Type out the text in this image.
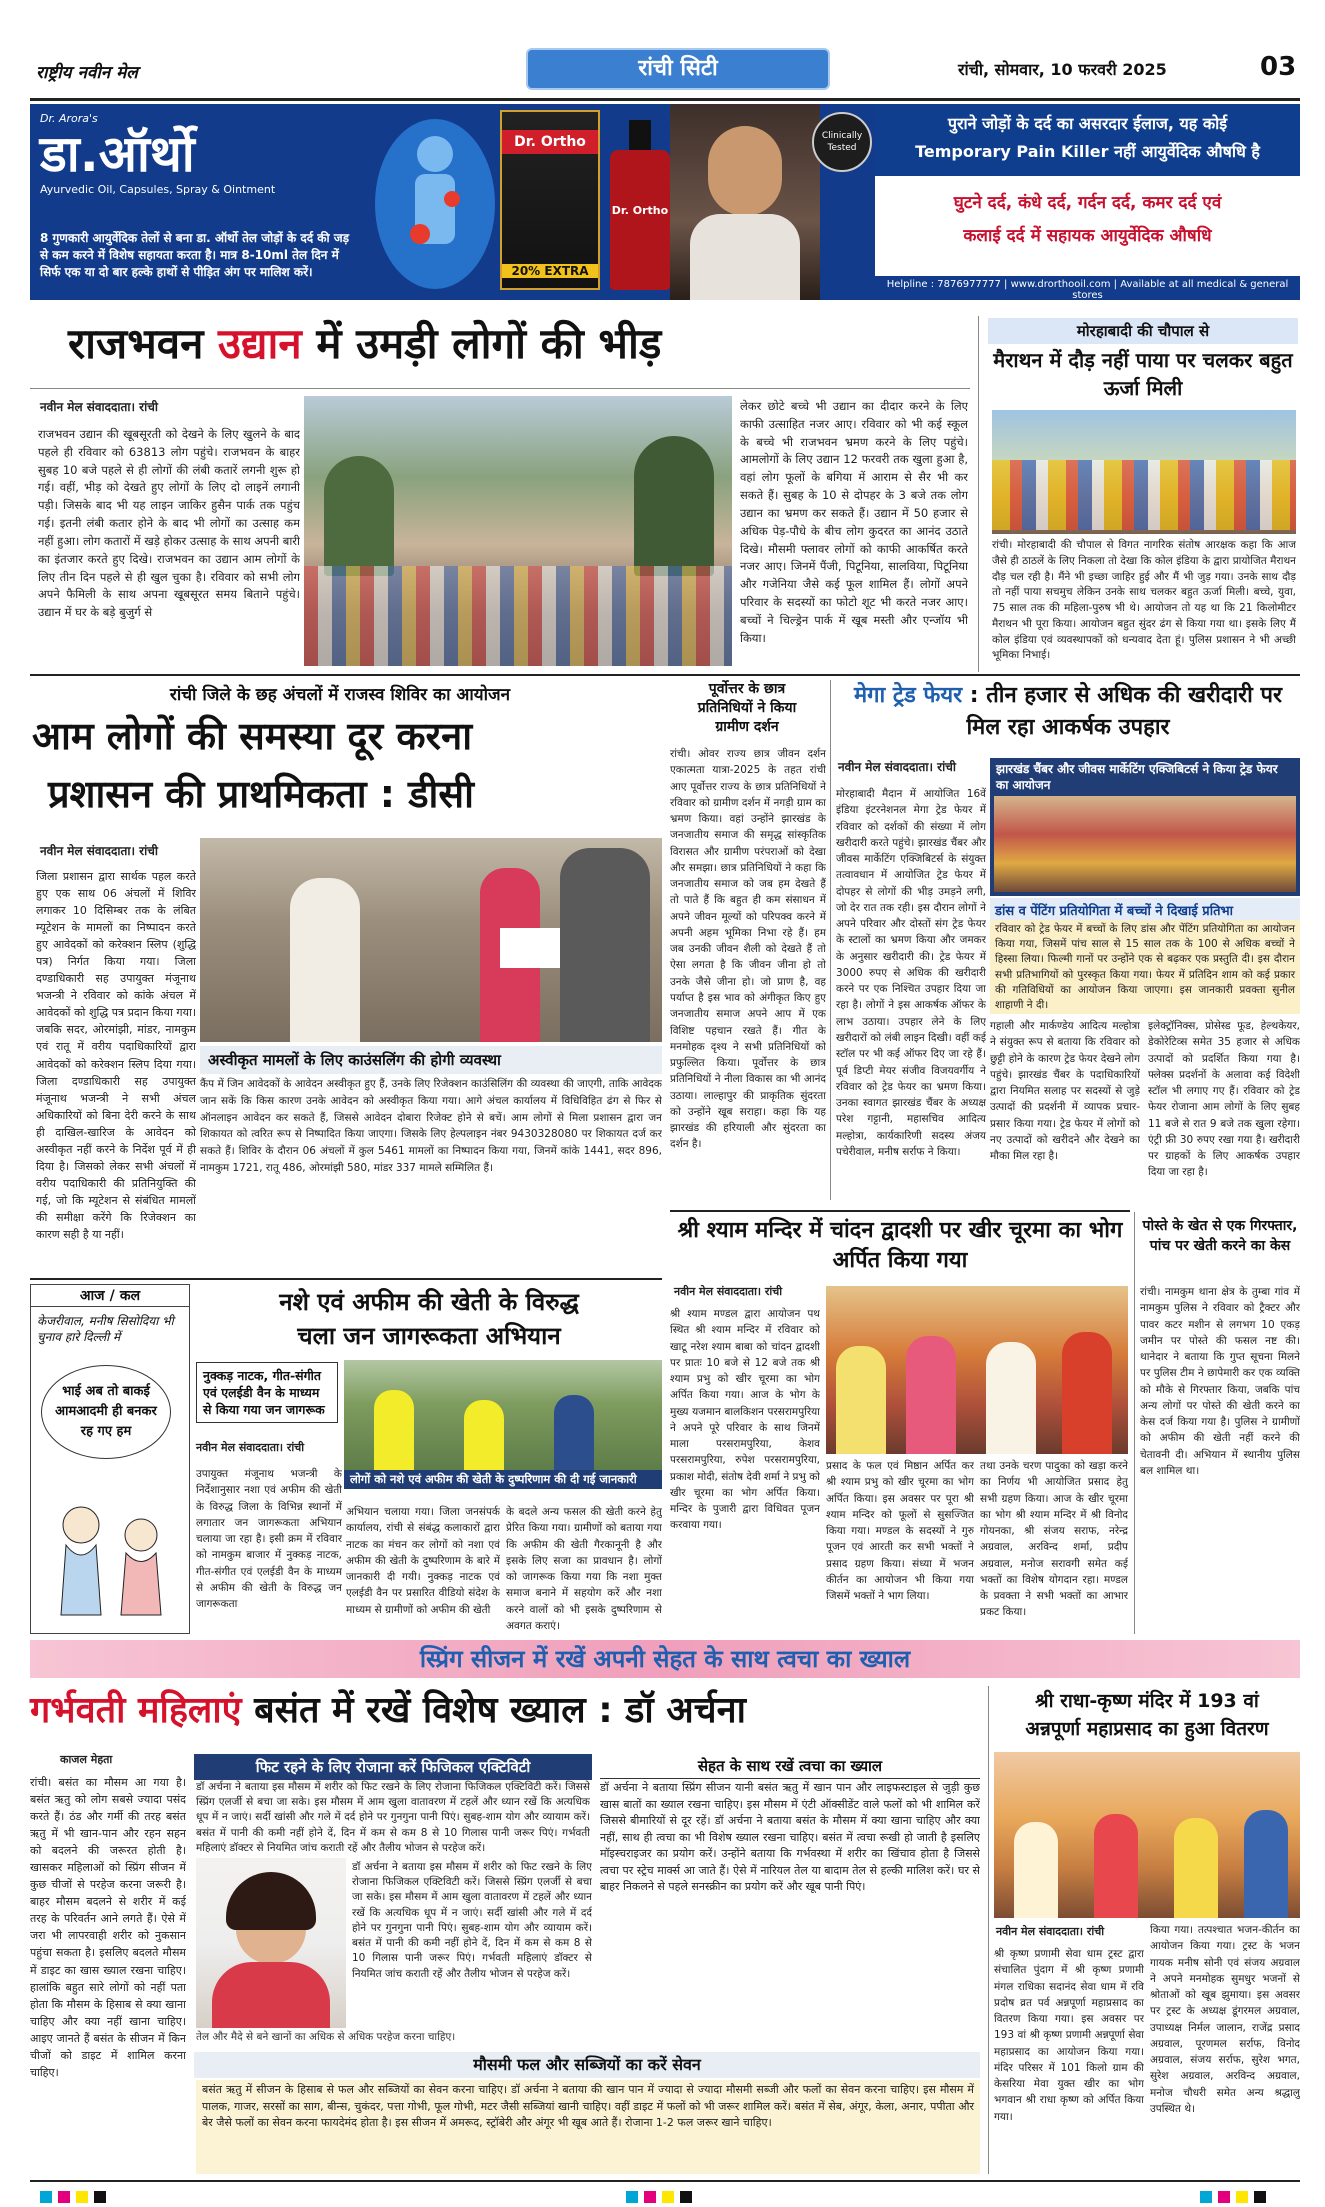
राष्ट्रीय नवीन मेल	रांची सिटी	रांची, सोमवार, 10 फरवरी 2025	03
Dr. Arora's
डा.ऑर्थो
Ayurvedic Oil, Capsules, Spray & Ointment
8 गुणकारी आयुर्वेदिक तेलों से बना डा. ऑर्थो तेल जोड़ों के दर्द की जड़ से कम करने में विशेष सहायता करता है। मात्र 8-10ml तेल दिन में सिर्फ एक या दो बार हल्के हाथों से पीड़ित अंग पर मालिश करें।
Dr. Ortho
20% EXTRA
Dr. Ortho
Clinically Tested
पुराने जोड़ों के दर्द का असरदार ईलाज, यह कोई
Temporary Pain Killer नहीं आयुर्वेदिक औषधि है
घुटने दर्द, कंधे दर्द, गर्दन दर्द, कमर दर्द एवं
कलाई दर्द में सहायक आयुर्वेदिक औषधि
Helpline : 7876977777 | www.drorthooil.com | Available at all medical & general stores
राजभवन उद्यान में उमड़ी लोगों की भीड़
नवीन मेल संवाददाता। रांची
राजभवन उद्यान की खूबसूरती को देखने के लिए खुलने के बाद पहले ही रविवार को 63813 लोग पहुंचे। राजभवन के बाहर सुबह 10 बजे पहले से ही लोगों की लंबी कतारें लगनी शुरू हो गई। वहीं, भीड़ को देखते हुए लोगों के लिए दो लाइनें लगानी पड़ी। जिसके बाद भी यह लाइन जाकिर हुसैन पार्क तक पहुंच गई। इतनी लंबी कतार होने के बाद भी लोगों का उत्साह कम नहीं हुआ। लोग कतारों में खड़े होकर उत्साह के साथ अपनी बारी का इंतजार करते हुए दिखे। राजभवन का उद्यान आम लोगों के लिए तीन दिन पहले से ही खुल चुका है। रविवार को सभी लोग अपने फैमिली के साथ अपना खूबसूरत समय बिताने पहुंचे। उद्यान में घर के बड़े बुजुर्ग से
लेकर छोटे बच्चे भी उद्यान का दीदार करने के लिए काफी उत्साहित नजर आए। रविवार को भी कई स्कूल के बच्चे भी राजभवन भ्रमण करने के लिए पहुंचे। आमलोगों के लिए उद्यान 12 फरवरी तक खुला हुआ है, वहां लोग फूलों के बगिया में आराम से सैर भी कर सकते हैं। सुबह के 10 से दोपहर के 3 बजे तक लोग उद्यान का भ्रमण कर सकते हैं। उद्यान में 50 हजार से अधिक पेड़-पौधे के बीच लोग कुदरत का आनंद उठाते दिखे। मौसमी फ्लावर लोगों को काफी आकर्षित करते नजर आए। जिनमें पैंजी, पिटूनिया, सालविया, पिटूनिया और गजेनिया जैसे कई फूल शामिल हैं। लोगों अपने परिवार के सदस्यों का फोटो शूट भी करते नजर आए। बच्चों ने चिल्ड्रेन पार्क में खूब मस्ती और एन्जॉय भी किया।
मोरहाबादी की चौपाल से
मैराथन में दौड़ नहीं पाया पर चलकर बहुत ऊर्जा मिली
रांची। मोरहाबादी की चौपाल से विगत नागरिक संतोष आरक्षक कहा कि आज जैसे ही ठाठलें के लिए निकला तो देखा कि कोल इंडिया के द्वारा प्रायोजित मैराथन दौड़ चल रही है। मैंने भी इच्छा जाहिर हुई और मैं भी जुड़ गया। उनके साथ दौड़ तो नहीं पाया सचमुच लेकिन उनके साथ चलकर बहुत ऊर्जा मिली। बच्चे, युवा, 75 साल तक की महिला-पुरुष भी थे। आयोजन तो यह था कि 21 किलोमीटर मैराथन भी पूरा किया। आयोजन बहुत सुंदर ढंग से किया गया था। इसके लिए मैं कोल इंडिया एवं व्यवस्थापकों को धन्यवाद देता हूं। पुलिस प्रशासन ने भी अच्छी भूमिका निभाई।
रांची जिले के छह अंचलों में राजस्व शिविर का आयोजन
आम लोगों की समस्या दूर करना
प्रशासन की प्राथमिकता : डीसी
नवीन मेल संवाददाता। रांची
जिला प्रशासन द्वारा सार्थक पहल करते हुए एक साथ 06 अंचलों में शिविर लगाकर 10 दिसिम्बर तक के लंबित म्यूटेशन के मामलों का निष्पादन करते हुए आवेदकों को करेक्शन स्लिप (शुद्धि पत्र) निर्गत किया गया। जिला दण्डाधिकारी सह उपायुक्त मंजूनाथ भजन्त्री ने रविवार को कांके अंचल में आवेदकों को शुद्धि पत्र प्रदान किया गया। जबकि सदर, ओरमांझी, मांडर, नामकुम एवं रातू में वरीय पदाधिकारियों द्वारा आवेदकों को करेक्शन स्लिप दिया गया। जिला दण्डाधिकारी सह उपायुक्त मंजूनाथ भजन्त्री ने सभी अंचल अधिकारियों को बिना देरी करने के साथ ही दाखिल-खारिज के आवेदन को अस्वीकृत नहीं करने के निर्देश पूर्व में ही दिया है। जिसको लेकर सभी अंचलों में वरीय पदाधिकारी की प्रतिनियुक्ति की गई, जो कि म्यूटेशन से संबंधित मामलों की समीक्षा करेंगे कि रिजेक्शन का कारण सही है या नहीं।
अस्वीकृत मामलों के लिए काउंसलिंग की होगी व्यवस्था
कैंप में जिन आवेदकों के आवेदन अस्वीकृत हुए हैं, उनके लिए रिजेक्शन काउंसिलिंग की व्यवस्था की जाएगी, ताकि आवेदक जान सकें कि किस कारण उनके आवेदन को अस्वीकृत किया गया। आगे अंचल कार्यालय में विधिविहित ढंग से फिर से ऑनलाइन आवेदन कर सकते हैं, जिससे आवेदन दोबारा रिजेक्ट होने से बचें। आम लोगों से मिला प्रशासन द्वारा जन शिकायत को त्वरित रूप से निष्पादित किया जाएगा। जिसके लिए हेल्पलाइन नंबर 9430328080 पर शिकायत दर्ज कर सकते हैं। शिविर के दौरान 06 अंचलों में कुल 5461 मामलों का निष्पादन किया गया, जिनमें कांके 1441, सदर 896, नामकुम 1721, रातू 486, ओरमांझी 580, मांडर 337 मामले सम्मिलित हैं।
पूर्वोत्तर के छात्र
प्रतिनिधियों ने किया
ग्रामीण दर्शन
रांची। ओवर राज्य छात्र जीवन दर्शन एकात्मता यात्रा-2025 के तहत रांची आए पूर्वोत्तर राज्य के छात्र प्रतिनिधियों ने रविवार को ग्रामीण दर्शन में नगड़ी ग्राम का भ्रमण किया। वहां उन्होंने झारखंड के जनजातीय समाज की समृद्ध सांस्कृतिक विरासत और ग्रामीण परंपराओं को देखा और समझा। छात्र प्रतिनिधियों ने कहा कि जनजातीय समाज को जब हम देखते हैं तो पाते हैं कि बहुत ही कम संसाधन में अपने जीवन मूल्यों को परिपक्व करने में अपनी अहम भूमिका निभा रहे हैं। हम जब उनकी जीवन शैली को देखते हैं तो ऐसा लगता है कि जीवन जीना हो तो उनके जैसे जीना हो। जो प्राण है, वह पर्याप्त है इस भाव को अंगीकृत किए हुए जनजातीय समाज अपने आप में एक विशिष्ट पहचान रखते हैं। गीत के मनमोहक दृश्य ने सभी प्रतिनिधियों को प्रफुल्लित किया। पूर्वोत्तर के छात्र प्रतिनिधियों ने नीला विकास का भी आनंद उठाया। लाल्हापुर की प्राकृतिक सुंदरता को उन्होंने खूब सराहा। कहा कि यह झारखंड की हरियाली और सुंदरता का दर्शन है।
मेगा ट्रेड फेयर : तीन हजार से अधिक की खरीदारी पर मिल रहा आकर्षक उपहार
नवीन मेल संवाददाता। रांची
मोरहाबादी मैदान में आयोजित 16वें इंडिया इंटरनेशनल मेगा ट्रेड फेयर में रविवार को दर्शकों की संख्या में लोग खरीदारी करते पहुंचे। झारखंड चैंबर और जीवस मार्केटिंग एक्जिबिटर्स के संयुक्त तत्वावधान में आयोजित ट्रेड फेयर में दोपहर से लोगों की भीड़ उमड़ने लगी, जो देर रात तक रही। इस दौरान लोगों ने अपने परिवार और दोस्तों संग ट्रेड फेयर के स्टालों का भ्रमण किया और जमकर के अनुसार खरीदारी की। ट्रेड फेयर में 3000 रुपए से अधिक की खरीदारी करने पर एक निश्चित उपहार दिया जा रहा है। लोगों ने इस आकर्षक ऑफर के लाभ उठाया। उपहार लेने के लिए खरीदारों को लंबी लाइन दिखी। वहीं कई स्टॉल पर भी कई ऑफर दिए जा रहे हैं। पूर्व डिप्टी मेयर संजीव विजयवर्गीय ने रविवार को ट्रेड फेयर का भ्रमण किया। उनका स्वागत झारखंड चैंबर के अध्यक्ष परेश गट्टानी, महासचिव आदित्य मल्होत्रा, कार्यकारिणी सदस्य अंजय पचेरीवाल, मनीष सर्राफ ने किया।
झारखंड चैंबर और जीवस मार्केटिंग एक्जिबिटर्स ने किया ट्रेड फेयर का आयोजन
डांस व पेंटिंग प्रतियोगिता में बच्चों ने दिखाई प्रतिभा
रविवार को ट्रेड फेयर में बच्चों के लिए डांस और पेंटिंग प्रतियोगिता का आयोजन किया गया, जिसमें पांच साल से 15 साल तक के 100 से अधिक बच्चों ने हिस्सा लिया। फिल्मी गानों पर उन्होंने एक से बढ़कर एक प्रस्तुति दी। इस दौरान सभी प्रतिभागियों को पुरस्कृत किया गया। फेयर में प्रतिदिन शाम को कई प्रकार की गतिविधियों का आयोजन किया जाएगा। इस जानकारी प्रवक्ता सुनील शाहाणी ने दी।
गहाली और मार्कण्डेय आदित्य मल्होत्रा ने संयुक्त रूप से बताया कि रविवार को छुट्टी होने के कारण ट्रेड फेयर देखने लोग पहुंचे। झारखंड चैंबर के पदाधिकारियों द्वारा नियमित सलाह पर सदस्यों से जुड़े उत्पादों की प्रदर्शनी में व्यापक प्रचार-प्रसार किया गया। ट्रेड फेयर में लोगों को नए उत्पादों को खरीदने और देखने का मौका मिल रहा है।
इलेक्ट्रॉनिक्स, प्रोसेस्ड फूड, हेल्थकेयर, डेकोरेटिव्स समेत 35 हजार से अधिक उत्पादों को प्रदर्शित किया गया है। फ्लेक्स प्रदर्शनों के अलावा कई विदेशी स्टॉल भी लगाए गए हैं। रविवार को ट्रेड फेयर रोजाना आम लोगों के लिए सुबह 11 बजे से रात 9 बजे तक खुला रहेगा। एंट्री फ्री 30 रुपए रखा गया है। खरीदारी पर ग्राहकों के लिए आकर्षक उपहार दिया जा रहा है।
आज / कल
केजरीवाल, मनीष सिसोदिया भी चुनाव हारे दिल्ली में
भाई अब तो बाकई आमआदमी ही बनकर रह गए हम
नशे एवं अफीम की खेती के विरुद्ध
चला जन जागरूकता अभियान
नुक्कड़ नाटक, गीत-संगीत एवं एलईडी वैन के माध्यम से किया गया जन जागरूक
नवीन मेल संवाददाता। रांची
लोगों को नशे एवं अफीम की खेती के दुष्परिणाम की दी गई जानकारी
उपायुक्त मंजूनाथ भजन्त्री के निर्देशानुसार नशा एवं अफीम की खेती के विरुद्ध जिला के विभिन्न स्थानों में लगातार जन जागरूकता अभियान चलाया जा रहा है। इसी क्रम में रविवार को नामकुम बाजार में नुक्कड़ नाटक, गीत-संगीत एवं एलईडी वैन के माध्यम से अफीम की खेती के विरुद्ध जन जागरूकता
अभियान चलाया गया। जिला जनसंपर्क कार्यालय, रांची से संबंद्ध कलाकारों द्वारा नाटक का मंचन कर लोगों को नशा एवं अफीम की खेती के दुष्परिणाम के बारे में जानकारी दी गयी। नुक्कड़ नाटक एवं एलईडी वैन पर प्रसारित वीडियो संदेश के माध्यम से ग्रामीणों को अफीम की खेती
के बदले अन्य फसल की खेती करने हेतु प्रेरित किया गया। ग्रामीणों को बताया गया कि अफीम की खेती गैरकानूनी है और इसके लिए सजा का प्रावधान है। लोगों को जागरूक किया गया कि नशा मुक्त समाज बनाने में सहयोग करें और नशा करने वालों को भी इसके दुष्परिणाम से अवगत कराएं।
श्री श्याम मन्दिर में चांदन द्वादशी पर खीर चूरमा का भोग अर्पित किया गया
नवीन मेल संवाददाता। रांची
श्री श्याम मण्डल द्वारा आयोजन पथ स्थित श्री श्याम मन्दिर में रविवार को खाटू नरेश श्याम बाबा को चांदन द्वादशी पर प्रातः 10 बजे से 12 बजे तक श्री श्याम प्रभु को खीर चूरमा का भोग अर्पित किया गया। आज के भोग के मुख्य यजमान बालकिशन परसरामपुरिया ने अपने पूरे परिवार के साथ जिनमें माला परसरामपुरिया, केशव परसरामपुरिया, रुपेश परसरामपुरिया, प्रकाश मोदी, संतोष देवी शर्मा ने प्रभु को खीर चूरमा का भोग अर्पित किया। मन्दिर के पुजारी द्वारा विधिवत पूजन करवाया गया।
प्रसाद के फल एवं मिष्ठान अर्पित कर श्री श्याम प्रभु को खीर चूरमा का भोग अर्पित किया। इस अवसर पर पूरा श्री श्याम मन्दिर को फूलों से सुसज्जित किया गया। मण्डल के सदस्यों ने गुरु पूजन एवं आरती कर सभी भक्तों ने प्रसाद ग्रहण किया। संध्या में भजन कीर्तन का आयोजन भी किया गया जिसमें भक्तों ने भाग लिया।
तथा उनके चरण पादुका को खड़ा करने का निर्णय भी आयोजित प्रसाद हेतु सभी ग्रहण किया। आज के खीर चूरमा का भोग श्री श्याम मन्दिर में श्री विनोद गोयनका, श्री संजय सराफ, नरेन्द्र अग्रवाल, अरविन्द शर्मा, प्रदीप अग्रवाल, मनोज सरावगी समेत कई भक्तों का विशेष योगदान रहा। मण्डल के प्रवक्ता ने सभी भक्तों का आभार प्रकट किया।
पोस्ते के खेत से एक गिरफ्तार, पांच पर खेती करने का केस
रांची। नामकुम थाना क्षेत्र के तुम्बा गांव में नामकुम पुलिस ने रविवार को ट्रैक्टर और पावर कटर मशीन से लगभग 10 एकड़ जमीन पर पोस्ते की फसल नष्ट की। थानेदार ने बताया कि गुप्त सूचना मिलने पर पुलिस टीम ने छापेमारी कर एक व्यक्ति को मौके से गिरफ्तार किया, जबकि पांच अन्य लोगों पर पोस्ते की खेती करने का केस दर्ज किया गया है। पुलिस ने ग्रामीणों को अफीम की खेती नहीं करने की चेतावनी दी। अभियान में स्थानीय पुलिस बल शामिल था।
स्प्रिंग सीजन में रखें अपनी सेहत के साथ त्वचा का ख्याल
गर्भवती महिलाएं बसंत में रखें विशेष ख्याल : डॉ अर्चना
काजल मेहता
रांची। बसंत का मौसम आ गया है। बसंत ऋतु को लोग सबसे ज्यादा पसंद करते हैं। ठंड और गर्मी की तरह बसंत ऋतु में भी खान-पान और रहन सहन को बदलने की जरूरत होती है। खासकर महिलाओं को स्प्रिंग सीजन में कुछ चीजों से परहेज करना जरूरी है। बाहर मौसम बदलने से शरीर में कई तरह के परिवर्तन आने लगते हैं। ऐसे में जरा भी लापरवाही शरीर को नुकसान पहुंचा सकता है। इसलिए बदलते मौसम में डाइट का खास ख्याल रखना चाहिए। हालांकि बहुत सारे लोगों को नहीं पता होता कि मौसम के हिसाब से क्या खाना चाहिए और क्या नहीं खाना चाहिए। आइए जानते हैं बसंत के सीजन में किन चीजों को डाइट में शामिल करना चाहिए।
फिट रहने के लिए रोजाना करें फिजिकल एक्टिविटी
डॉ अर्चना ने बताया इस मौसम में शरीर को फिट रखने के लिए रोजाना फिजिकल एक्टिविटी करें। जिससे स्प्रिंग एलर्जी से बचा जा सके। इस मौसम में आम खुला वातावरण में टहलें और ध्यान रखें कि अत्यधिक धूप में न जाएं। सर्दी खांसी और गले में दर्द होने पर गुनगुना पानी पिएं। सुबह-शाम योग और व्यायाम करें। बसंत में पानी की कमी नहीं होने दें, दिन में कम से कम 8 से 10 गिलास पानी जरूर पिएं। गर्भवती महिलाएं डॉक्टर से नियमित जांच कराती रहें और तैलीय भोजन से परहेज करें।
डॉ अर्चना ने बताया इस मौसम में शरीर को फिट रखने के लिए रोजाना फिजिकल एक्टिविटी करें। जिससे स्प्रिंग एलर्जी से बचा जा सके। इस मौसम में आम खुला वातावरण में टहलें और ध्यान रखें कि अत्यधिक धूप में न जाएं। सर्दी खांसी और गले में दर्द होने पर गुनगुना पानी पिएं। सुबह-शाम योग और व्यायाम करें। बसंत में पानी की कमी नहीं होने दें, दिन में कम से कम 8 से 10 गिलास पानी जरूर पिएं। गर्भवती महिलाएं डॉक्टर से नियमित जांच कराती रहें और तैलीय भोजन से परहेज करें।
तेल और मैदे से बने खानों का अधिक से अधिक परहेज करना चाहिए।
सेहत के साथ रखें त्वचा का ख्याल
डॉ अर्चना ने बताया स्प्रिंग सीजन यानी बसंत ऋतु में खान पान और लाइफस्टाइल से जुड़ी कुछ खास बातों का ख्याल रखना चाहिए। इस मौसम में एंटी ऑक्सीडेंट वाले फलों को भी शामिल करें जिससे बीमारियों से दूर रहें। डॉ अर्चना ने बताया बसंत के मौसम में क्या खाना चाहिए और क्या नहीं, साथ ही त्वचा का भी विशेष ख्याल रखना चाहिए। बसंत में त्वचा रूखी हो जाती है इसलिए मॉइस्चराइजर का प्रयोग करें। उन्होंने बताया कि गर्भवस्था में शरीर का खिंचाव होता है जिससे त्वचा पर स्ट्रेच मार्क्स आ जाते हैं। ऐसे में नारियल तेल या बादाम तेल से हल्की मालिश करें। घर से बाहर निकलने से पहले सनस्क्रीन का प्रयोग करें और खूब पानी पिएं।
मौसमी फल और सब्जियों का करें सेवन
बसंत ऋतु में सीजन के हिसाब से फल और सब्जियों का सेवन करना चाहिए। डॉ अर्चना ने बताया की खान पान में ज्यादा से ज्यादा मौसमी सब्जी और फलों का सेवन करना चाहिए। इस मौसम में पालक, गाजर, सरसों का साग, बीन्स, चुकंदर, पत्ता गोभी, फूल गोभी, मटर जैसी सब्जियां खानी चाहिए। वहीं डाइट में फलों को भी जरूर शामिल करें। बसंत में सेब, अंगूर, केला, अनार, पपीता और बेर जैसे फलों का सेवन करना फायदेमंद होता है। इस सीजन में अमरूद, स्ट्रॉबेरी और अंगूर भी खूब आते हैं। रोजाना 1-2 फल जरूर खाने चाहिए।
श्री राधा-कृष्ण मंदिर में 193 वां
अन्नपूर्णा महाप्रसाद का हुआ वितरण
नवीन मेल संवाददाता। रांची
श्री कृष्ण प्रणामी सेवा धाम ट्रस्ट द्वारा संचालित पुंदाग में श्री कृष्ण प्रणामी मंगल राधिका सदानंद सेवा धाम में रवि प्रदोष व्रत पर्व अन्नपूर्णा महाप्रसाद का वितरण किया गया। इस अवसर पर 193 वां श्री कृष्ण प्रणामी अन्नपूर्णा सेवा महाप्रसाद का आयोजन किया गया। मंदिर परिसर में 101 किलो ग्राम की केसरिया मेवा युक्त खीर का भोग भगवान श्री राधा कृष्ण को अर्पित किया गया।
किया गया। तत्पश्चात भजन-कीर्तन का आयोजन किया गया। ट्रस्ट के भजन गायक मनीष सोनी एवं संजय अग्रवाल ने अपने मनमोहक सुमधुर भजनों से श्रोताओं को खूब झुमाया। इस अवसर पर ट्रस्ट के अध्यक्ष डूंगरमल अग्रवाल, उपाध्यक्ष निर्मल जालान, राजेंद्र प्रसाद अग्रवाल, पूरणमल सर्राफ, विनोद अग्रवाल, संजय सर्राफ, सुरेश भगत, सुरेश अग्रवाल, अरविन्द अग्रवाल, मनोज चौधरी समेत अन्य श्रद्धालु उपस्थित थे।
